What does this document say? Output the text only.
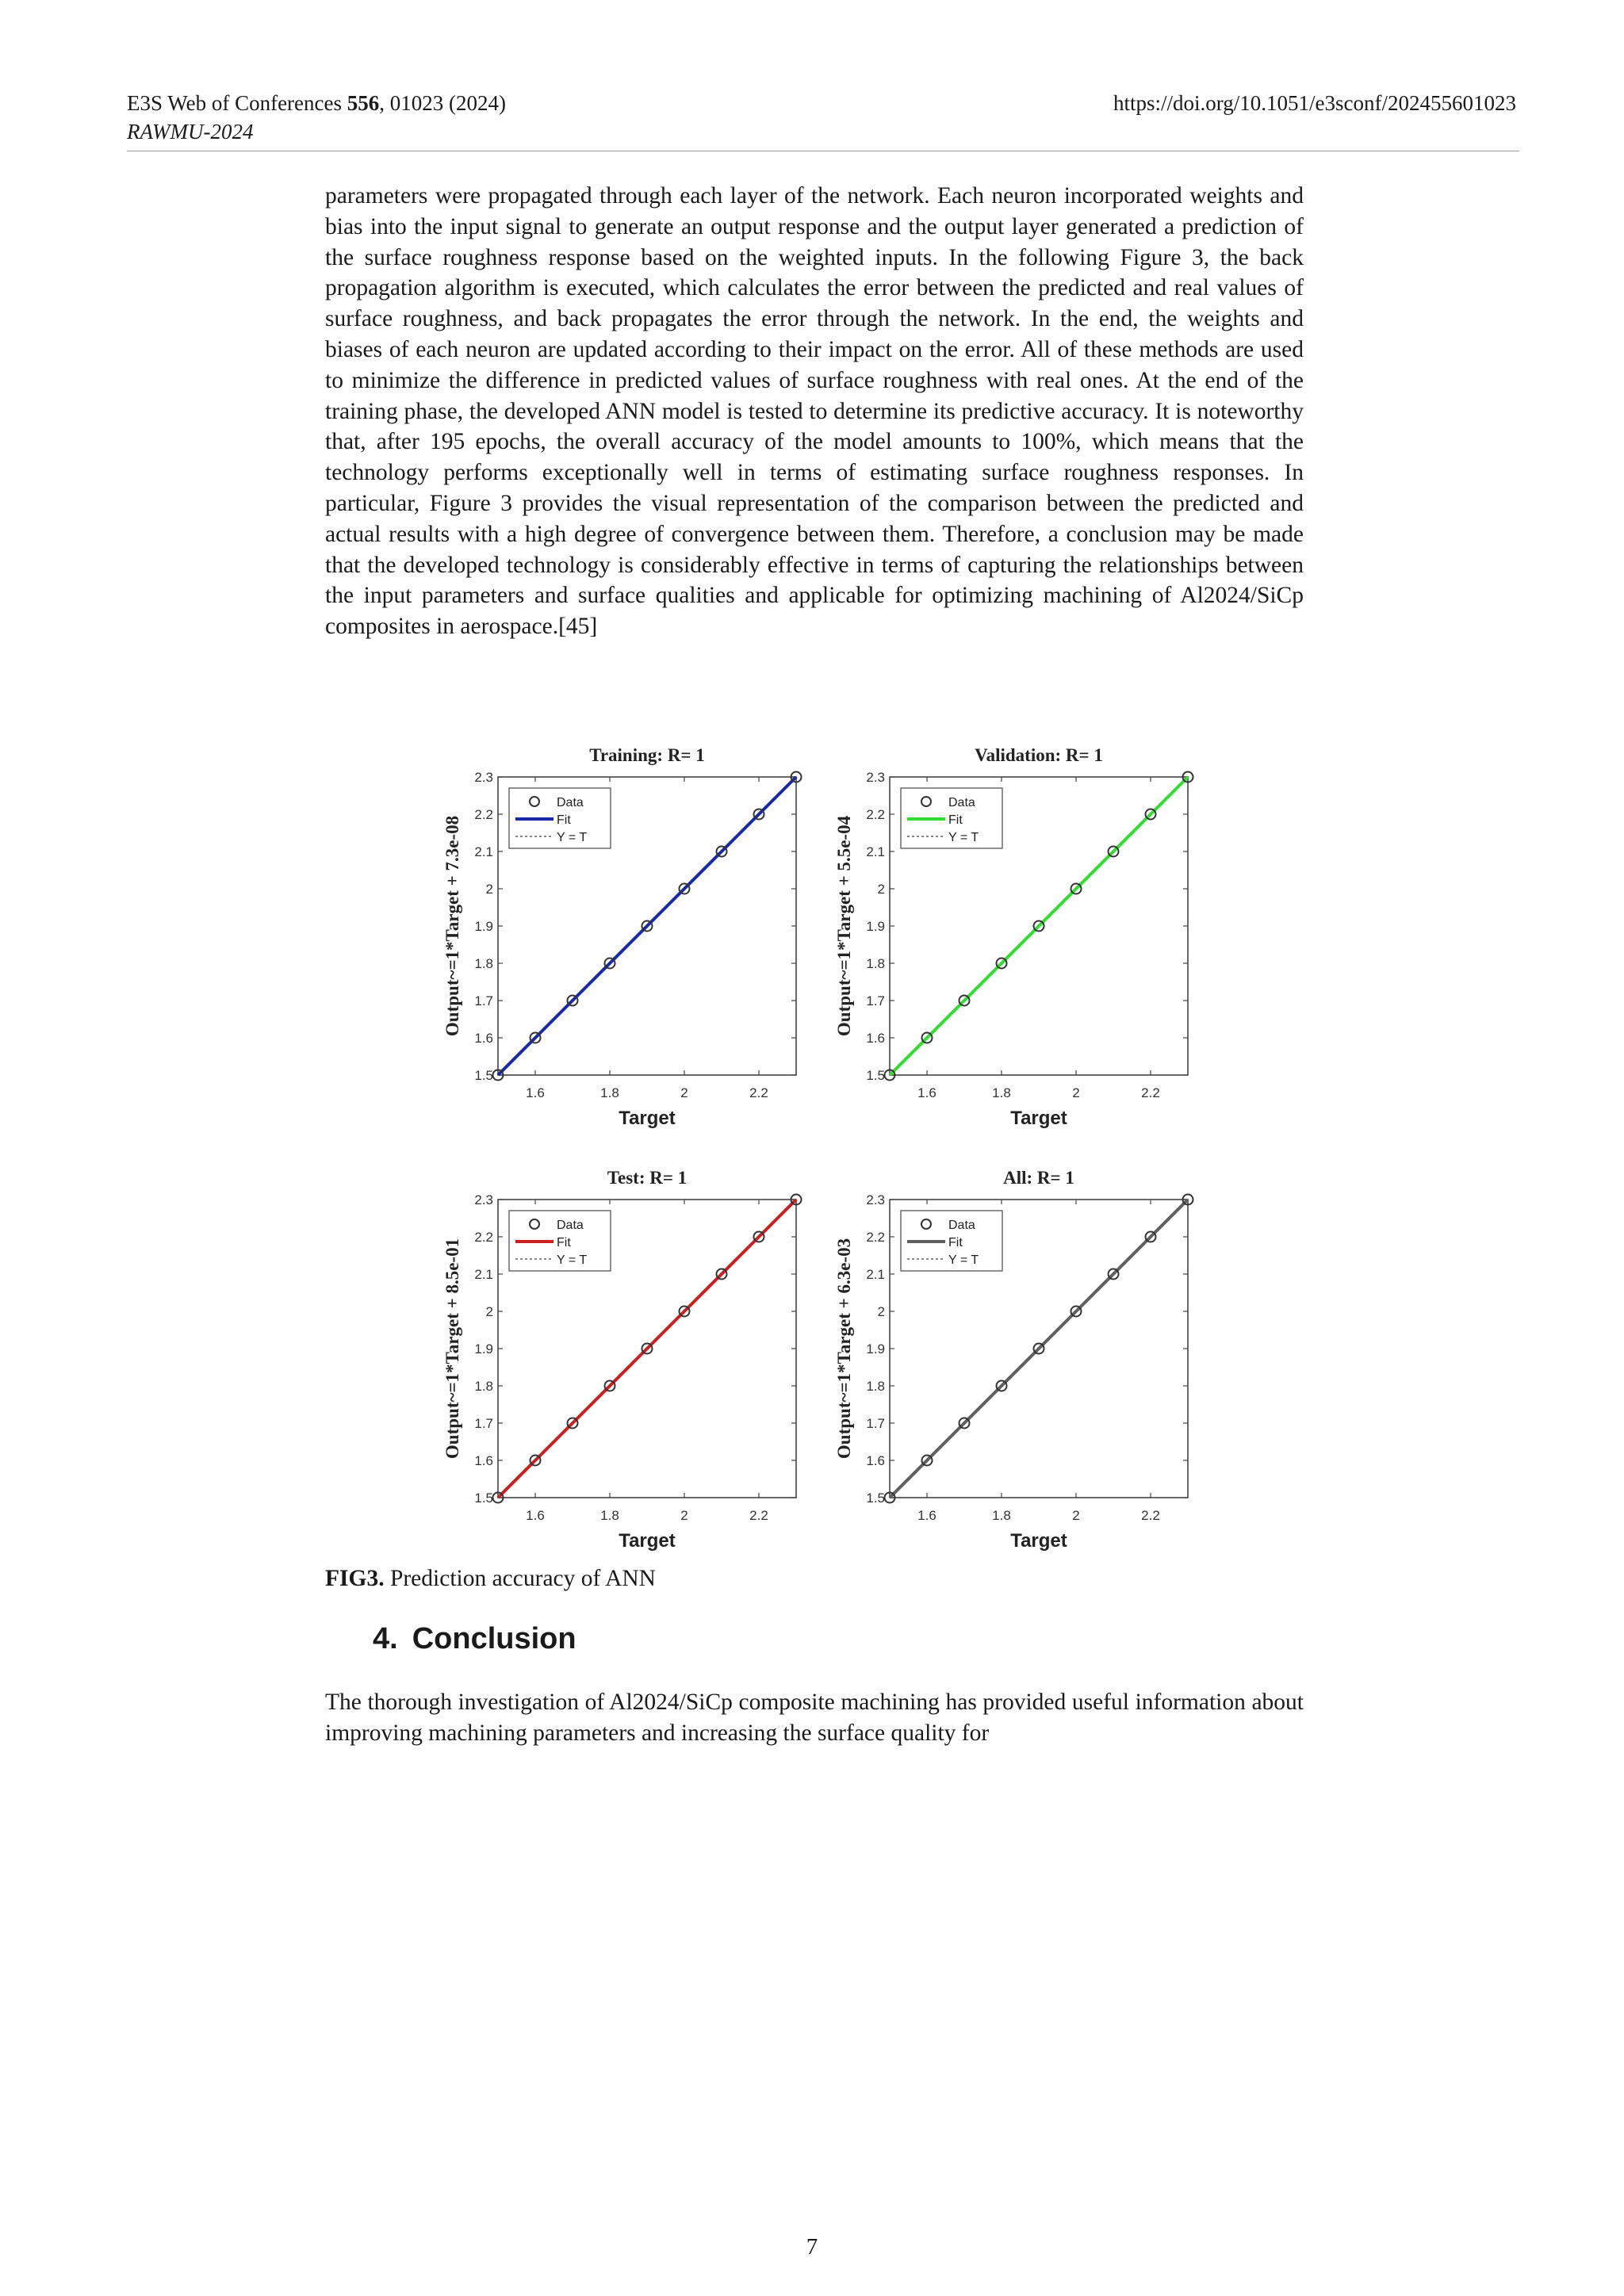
E3S Web of Conferences 556, 01023 (2024)
RAWMU-2024
https://doi.org/10.1051/e3sconf/202455601023
parameters were propagated through each layer of the network. Each neuron incorporated weights and bias into the input signal to generate an output response and the output layer generated a prediction of the surface roughness response based on the weighted inputs. In the following Figure 3, the back propagation algorithm is executed, which calculates the error between the predicted and real values of surface roughness, and back propagates the error through the network. In the end, the weights and biases of each neuron are updated according to their impact on the error. All of these methods are used to minimize the difference in predicted values of surface roughness with real ones. At the end of the training phase, the developed ANN model is tested to determine its predictive accuracy. It is noteworthy that, after 195 epochs, the overall accuracy of the model amounts to 100%, which means that the technology performs exceptionally well in terms of estimating surface roughness responses. In particular, Figure 3 provides the visual representation of the comparison between the predicted and actual results with a high degree of convergence between them. Therefore, a conclusion may be made that the developed technology is considerably effective in terms of capturing the relationships between the input parameters and surface qualities and applicable for optimizing machining of Al2024/SiCp composites in aerospace.[45]
Training: R= 1
1.5
1.6
1.7
1.8
1.9
2
2.1
2.2
2.3
1.6	1.8	2	2.2
Target
Output~=1*Target + 7.3e-08
Data
Fit
Y = T
Validation: R= 1
1.5
1.6
1.7
1.8
1.9
2
2.1
2.2
2.3
1.6	1.8	2	2.2
Target
Output~=1*Target + 5.5e-04
Data
Fit
Y = T
Test: R= 1
1.5
1.6
1.7
1.8
1.9
2
2.1
2.2
2.3
1.6	1.8	2	2.2
Target
Output~=1*Target + 8.5e-01
Data
Fit
Y = T
All: R= 1
1.5
1.6
1.7
1.8
1.9
2
2.1
2.2
2.3
1.6	1.8	2	2.2
Target
Output~=1*Target + 6.3e-03
Data
Fit
Y = T
FIG3. Prediction accuracy of ANN
4. Conclusion
The thorough investigation of Al2024/SiCp composite machining has provided useful information about improving machining parameters and increasing the surface quality for
7
